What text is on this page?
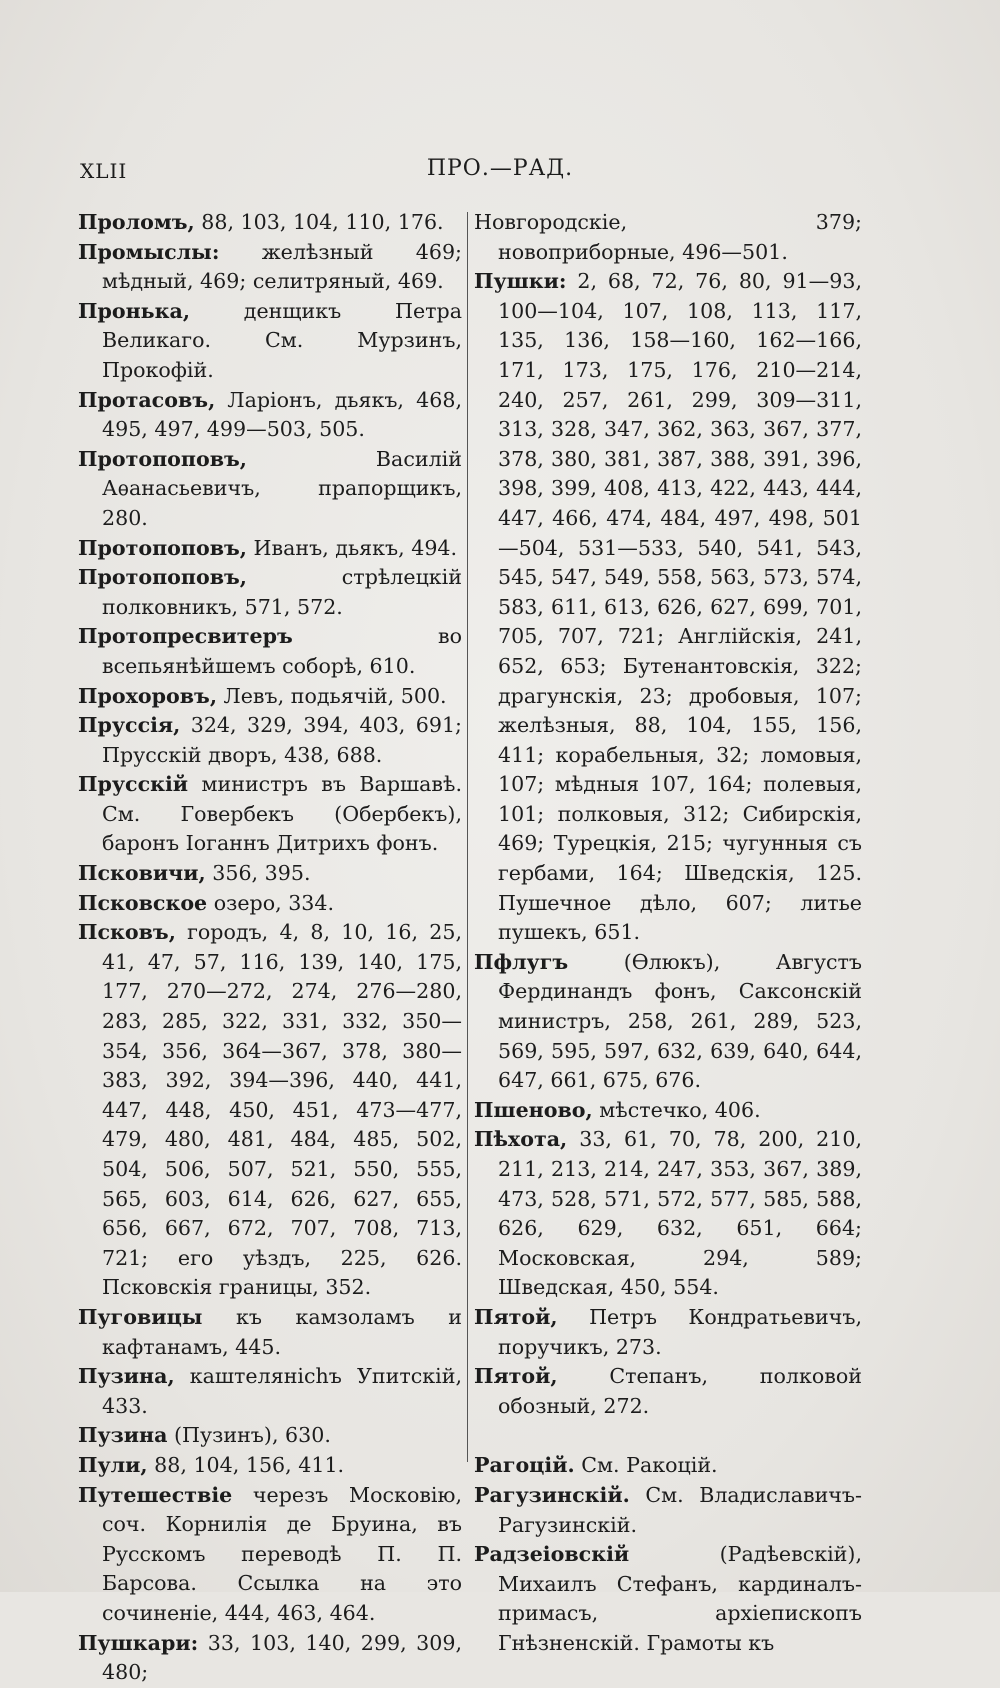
XLII	ПРО.—РАД.
Проломъ, 88, 103, 104, 110, 176.
Промыслы: желѣзный 469; мѣдный, 469; селитряный, 469.
Пронька, денщикъ Петра Великаго. См. Мурзинъ, Прокофій.
Протасовъ, Ларіонъ, дьякъ, 468, 495, 497, 499—503, 505.
Протопоповъ, Василій Аѳанасьевичъ, прапорщикъ, 280.
Протопоповъ, Иванъ, дьякъ, 494.
Протопоповъ, стрѣлецкій полковникъ, 571, 572.
Протопресвитеръ во всепьянѣйшемъ соборѣ, 610.
Прохоровъ, Левъ, подьячій, 500.
Пруссія, 324, 329, 394, 403, 691; Прусскій дворъ, 438, 688.
Прусскій министръ въ Варшавѣ. См. Говербекъ (Обербекъ), баронъ Іоганнъ Дитрихъ фонъ.
Псковичи, 356, 395.
Псковское озеро, 334.
Псковъ, городъ, 4, 8, 10, 16, 25, 41, 47, 57, 116, 139, 140, 175, 177, 270—272, 274, 276—280, 283, 285, 322, 331, 332, 350—354, 356, 364—367, 378, 380—383, 392, 394—396, 440, 441, 447, 448, 450, 451, 473—477, 479, 480, 481, 484, 485, 502, 504, 506, 507, 521, 550, 555, 565, 603, 614, 626, 627, 655, 656, 667, 672, 707, 708, 713, 721; его уѣздъ, 225, 626. Псковскія границы, 352.
Пуговицы къ камзоламъ и кафтанамъ, 445.
Пузина, каштелянichъ Упитскій, 433.
Пузина (Пузинъ), 630.
Пули, 88, 104, 156, 411.
Путешествіе черезъ Московію, соч. Корнилія де Бруина, въ Русскомъ переводѣ П. П. Барсова. Ссылка на это сочиненіе, 444, 463, 464.
Пушкари: 33, 103, 140, 299, 309, 480;
Новгородскіе, 379; новоприборные, 496—501.
Пушки: 2, 68, 72, 76, 80, 91—93, 100—104, 107, 108, 113, 117, 135, 136, 158—160, 162—166, 171, 173, 175, 176, 210—214, 240, 257, 261, 299, 309—311, 313, 328, 347, 362, 363, 367, 377, 378, 380, 381, 387, 388, 391, 396, 398, 399, 408, 413, 422, 443, 444, 447, 466, 474, 484, 497, 498, 501—504, 531—533, 540, 541, 543, 545, 547, 549, 558, 563, 573, 574, 583, 611, 613, 626, 627, 699, 701, 705, 707, 721; Англійскія, 241, 652, 653; Бутенантовскія, 322; драгунскія, 23; дробовыя, 107; желѣзныя, 88, 104, 155, 156, 411; корабельныя, 32; ломовыя, 107; мѣдныя 107, 164; полевыя, 101; полковыя, 312; Сибирскія, 469; Турецкія, 215; чугунныя съ гербами, 164; Шведскія, 125. Пушечное дѣло, 607; литье пушекъ, 651.
Пфлугъ (Ѳлюкъ), Августъ Фердинандъ фонъ, Саксонскій министръ, 258, 261, 289, 523, 569, 595, 597, 632, 639, 640, 644, 647, 661, 675, 676.
Пшеново, мѣстечко, 406.
Пѣхота, 33, 61, 70, 78, 200, 210, 211, 213, 214, 247, 353, 367, 389, 473, 528, 571, 572, 577, 585, 588, 626, 629, 632, 651, 664; Московская, 294, 589; Шведская, 450, 554.
Пятой, Петръ Кондратьевичъ, поручикъ, 273.
Пятой, Степанъ, полковой обозный, 272.
Рагоцій. См. Ракоцій.
Рагузинскій. См. Владиславичъ-Рагузинскій.
Радзеіовскій (Радѣевскій), Михаилъ Стефанъ, кардиналъ-примасъ, архіепископъ Гнѣзненскій. Грамоты къ
